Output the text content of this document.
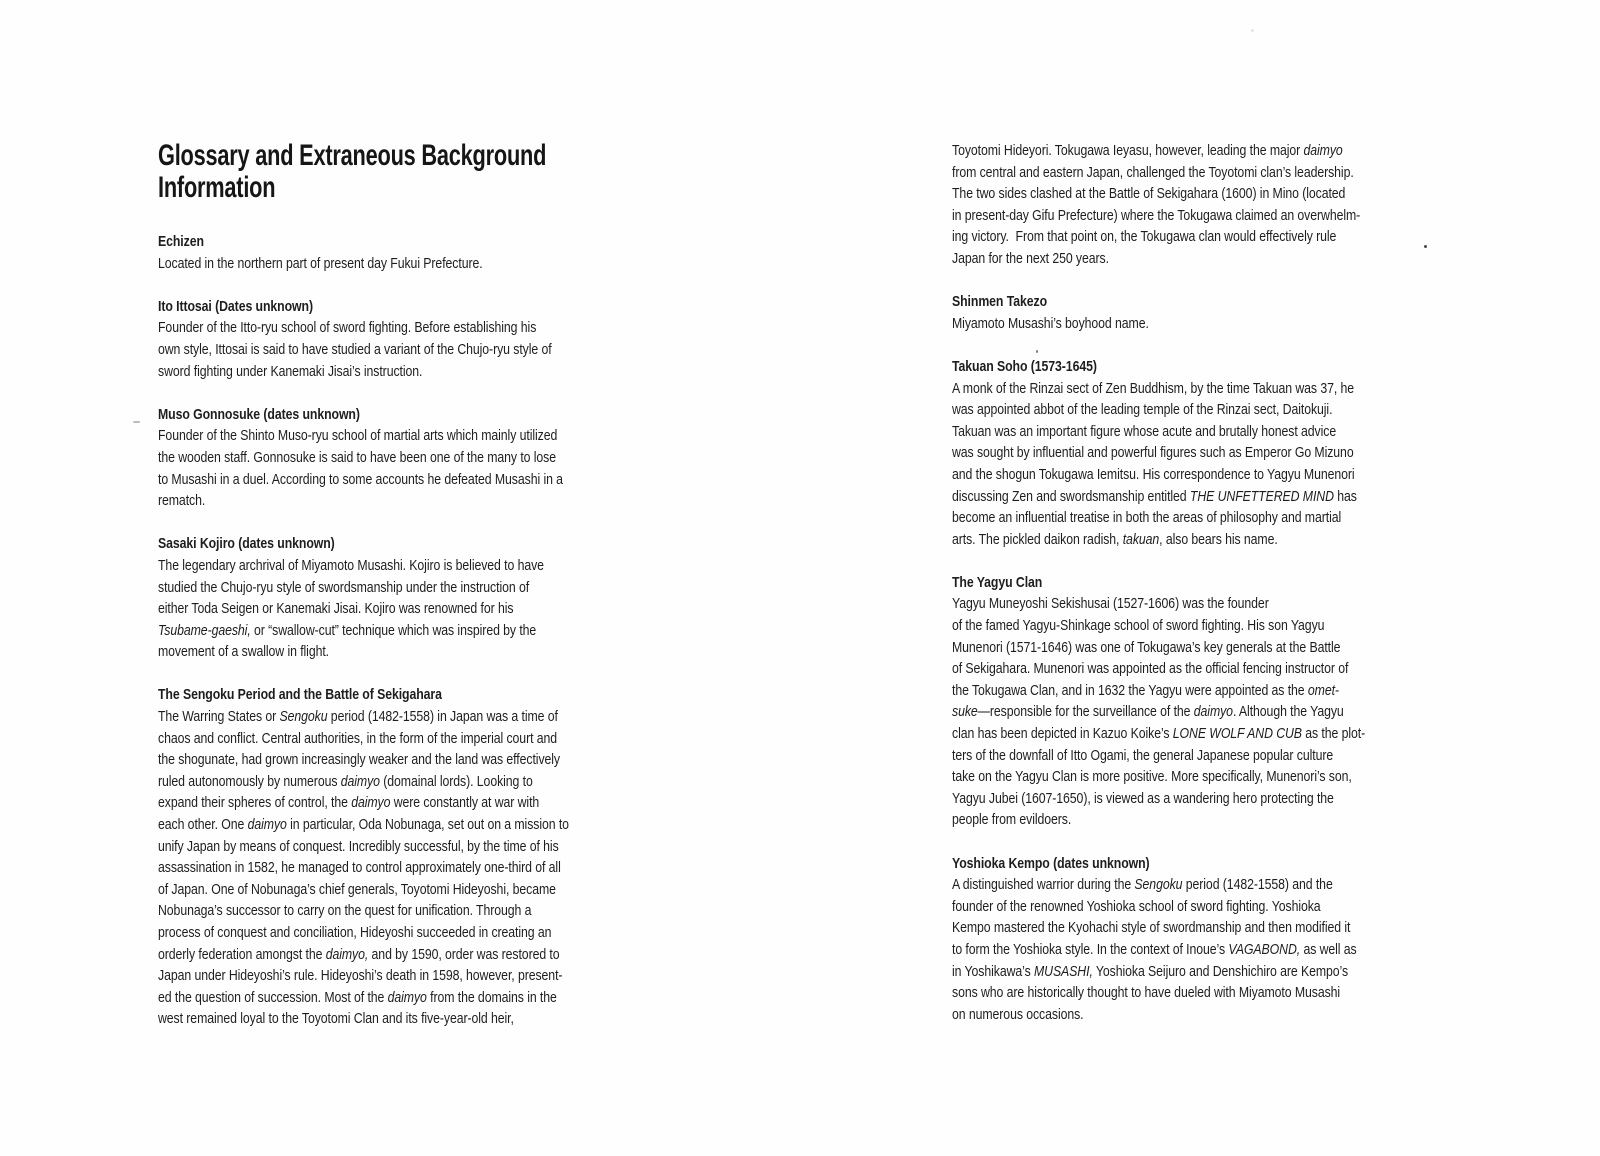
Glossary and Extraneous Background
Information
Echizen
Located in the northern part of present day Fukui Prefecture.
Ito Ittosai (Dates unknown)
Founder of the Itto-ryu school of sword fighting. Before establishing his
own style, Ittosai is said to have studied a variant of the Chujo-ryu style of
sword fighting under Kanemaki Jisai’s instruction.
Muso Gonnosuke (dates unknown)
Founder of the Shinto Muso-ryu school of martial arts which mainly utilized
the wooden staff. Gonnosuke is said to have been one of the many to lose
to Musashi in a duel. According to some accounts he defeated Musashi in a
rematch.
Sasaki Kojiro (dates unknown)
The legendary archrival of Miyamoto Musashi. Kojiro is believed to have
studied the Chujo-ryu style of swordsmanship under the instruction of
either Toda Seigen or Kanemaki Jisai. Kojiro was renowned for his
Tsubame-gaeshi, or “swallow-cut” technique which was inspired by the
movement of a swallow in flight.
The Sengoku Period and the Battle of Sekigahara
The Warring States or Sengoku period (1482-1558) in Japan was a time of
chaos and conflict. Central authorities, in the form of the imperial court and
the shogunate, had grown increasingly weaker and the land was effectively
ruled autonomously by numerous daimyo (domainal lords). Looking to
expand their spheres of control, the daimyo were constantly at war with
each other. One daimyo in particular, Oda Nobunaga, set out on a mission to
unify Japan by means of conquest. Incredibly successful, by the time of his
assassination in 1582, he managed to control approximately one-third of all
of Japan. One of Nobunaga’s chief generals, Toyotomi Hideyoshi, became
Nobunaga’s successor to carry on the quest for unification. Through a
process of conquest and conciliation, Hideyoshi succeeded in creating an
orderly federation amongst the daimyo, and by 1590, order was restored to
Japan under Hideyoshi’s rule. Hideyoshi’s death in 1598, however, present-
ed the question of succession. Most of the daimyo from the domains in the
west remained loyal to the Toyotomi Clan and its five-year-old heir,
Toyotomi Hideyori. Tokugawa Ieyasu, however, leading the major daimyo
from central and eastern Japan, challenged the Toyotomi clan’s leadership.
The two sides clashed at the Battle of Sekigahara (1600) in Mino (located
in present-day Gifu Prefecture) where the Tokugawa claimed an overwhelm-
ing victory.  From that point on, the Tokugawa clan would effectively rule
Japan for the next 250 years.
Shinmen Takezo
Miyamoto Musashi’s boyhood name.
Takuan Soho (1573-1645)
A monk of the Rinzai sect of Zen Buddhism, by the time Takuan was 37, he
was appointed abbot of the leading temple of the Rinzai sect, Daitokuji.
Takuan was an important figure whose acute and brutally honest advice
was sought by influential and powerful figures such as Emperor Go Mizuno
and the shogun Tokugawa Iemitsu. His correspondence to Yagyu Munenori
discussing Zen and swordsmanship entitled THE UNFETTERED MIND has
become an influential treatise in both the areas of philosophy and martial
arts. The pickled daikon radish, takuan, also bears his name.
The Yagyu Clan
Yagyu Muneyoshi Sekishusai (1527-1606) was the founder
of the famed Yagyu-Shinkage school of sword fighting. His son Yagyu
Munenori (1571-1646) was one of Tokugawa’s key generals at the Battle
of Sekigahara. Munenori was appointed as the official fencing instructor of
the Tokugawa Clan, and in 1632 the Yagyu were appointed as the omet-
suke—responsible for the surveillance of the daimyo. Although the Yagyu
clan has been depicted in Kazuo Koike’s LONE WOLF AND CUB as the plot-
ters of the downfall of Itto Ogami, the general Japanese popular culture
take on the Yagyu Clan is more positive. More specifically, Munenori’s son,
Yagyu Jubei (1607-1650), is viewed as a wandering hero protecting the
people from evildoers.
Yoshioka Kempo (dates unknown)
A distinguished warrior during the Sengoku period (1482-1558) and the
founder of the renowned Yoshioka school of sword fighting. Yoshioka
Kempo mastered the Kyohachi style of swordmanship and then modified it
to form the Yoshioka style. In the context of Inoue’s VAGABOND, as well as
in Yoshikawa’s MUSASHI, Yoshioka Seijuro and Denshichiro are Kempo’s
sons who are historically thought to have dueled with Miyamoto Musashi
on numerous occasions.
